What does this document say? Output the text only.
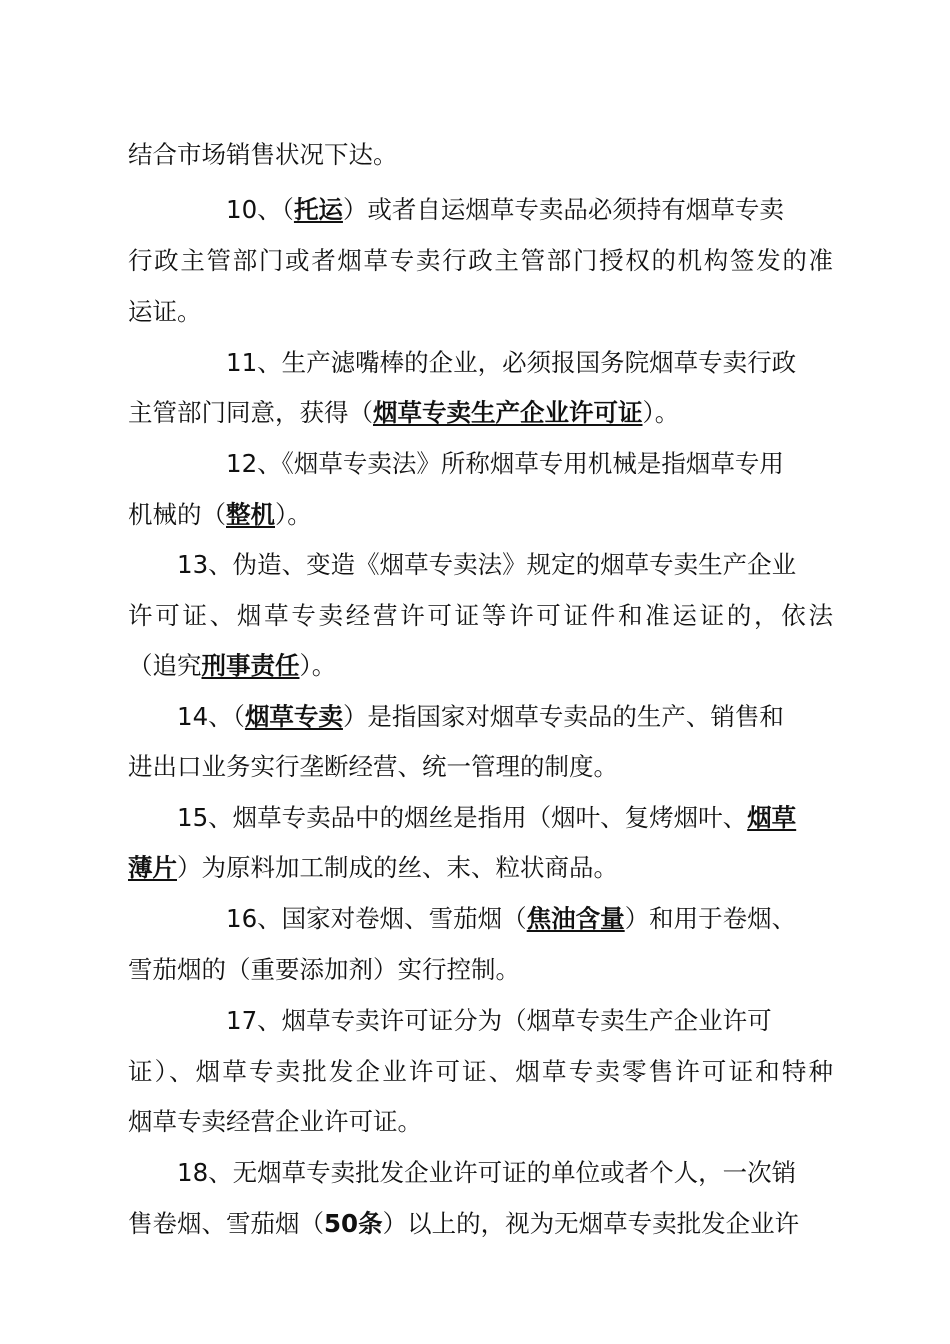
结合市场销售状况下达。
　　　　10、（托运）或者自运烟草专卖品必须持有烟草专卖
行政主管部门或者烟草专卖行政主管部门授权的机构签发的准
运证。
　　　　11、生产滤嘴棒的企业，必须报国务院烟草专卖行政
主管部门同意，获得（烟草专卖生产企业许可证）。
　　　　12、《烟草专卖法》所称烟草专用机械是指烟草专用
机械的（整机）。
　　13、伪造、变造《烟草专卖法》规定的烟草专卖生产企业
许可证、烟草专卖经营许可证等许可证件和准运证的，依法
（追究刑事责任）。
　　14、（烟草专卖）是指国家对烟草专卖品的生产、销售和
进出口业务实行垄断经营、统一管理的制度。
　　15、烟草专卖品中的烟丝是指用（烟叶、复烤烟叶、烟草
薄片）为原料加工制成的丝、末、粒状商品。
　　　　16、国家对卷烟、雪茄烟（焦油含量）和用于卷烟、
雪茄烟的（重要添加剂）实行控制。
　　　　17、烟草专卖许可证分为（烟草专卖生产企业许可
证）、烟草专卖批发企业许可证、烟草专卖零售许可证和特种
烟草专卖经营企业许可证。
　　18、无烟草专卖批发企业许可证的单位或者个人，一次销
售卷烟、雪茄烟（50条）以上的，视为无烟草专卖批发企业许
